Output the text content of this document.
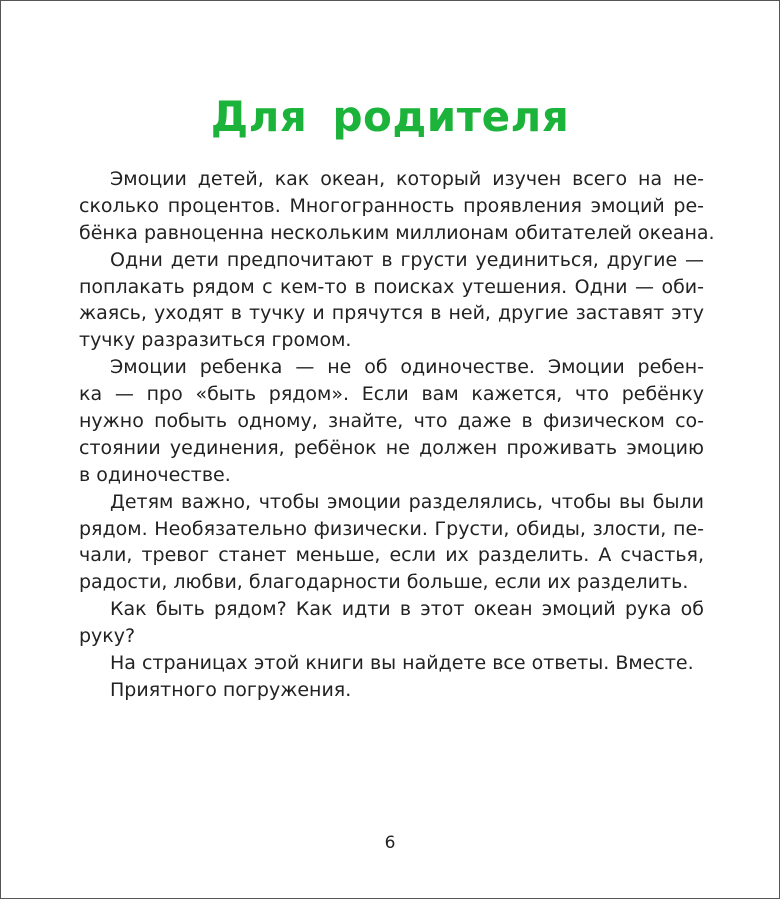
Для родителя
Эмоции детей, как океан, который изучен всего на не-
сколько процентов. Многогранность проявления эмоций ре-
бёнка равноценна нескольким миллионам обитателей океана.
Одни дети предпочитают в грусти уединиться, другие —
поплакать рядом с кем-то в поисках утешения. Одни — оби-
жаясь, уходят в тучку и прячутся в ней, другие заставят эту
тучку разразиться громом.
Эмоции ребенка — не об одиночестве. Эмоции ребен-
ка — про «быть рядом». Если вам кажется, что ребёнку
нужно побыть одному, знайте, что даже в физическом со-
стоянии уединения, ребёнок не должен проживать эмоцию
в одиночестве.
Детям важно, чтобы эмоции разделялись, чтобы вы были
рядом. Необязательно физически. Грусти, обиды, злости, пе-
чали, тревог станет меньше, если их разделить. А счастья,
радости, любви, благодарности больше, если их разделить.
Как быть рядом? Как идти в этот океан эмоций рука об
руку?
На страницах этой книги вы найдете все ответы. Вместе.
Приятного погружения.
6
